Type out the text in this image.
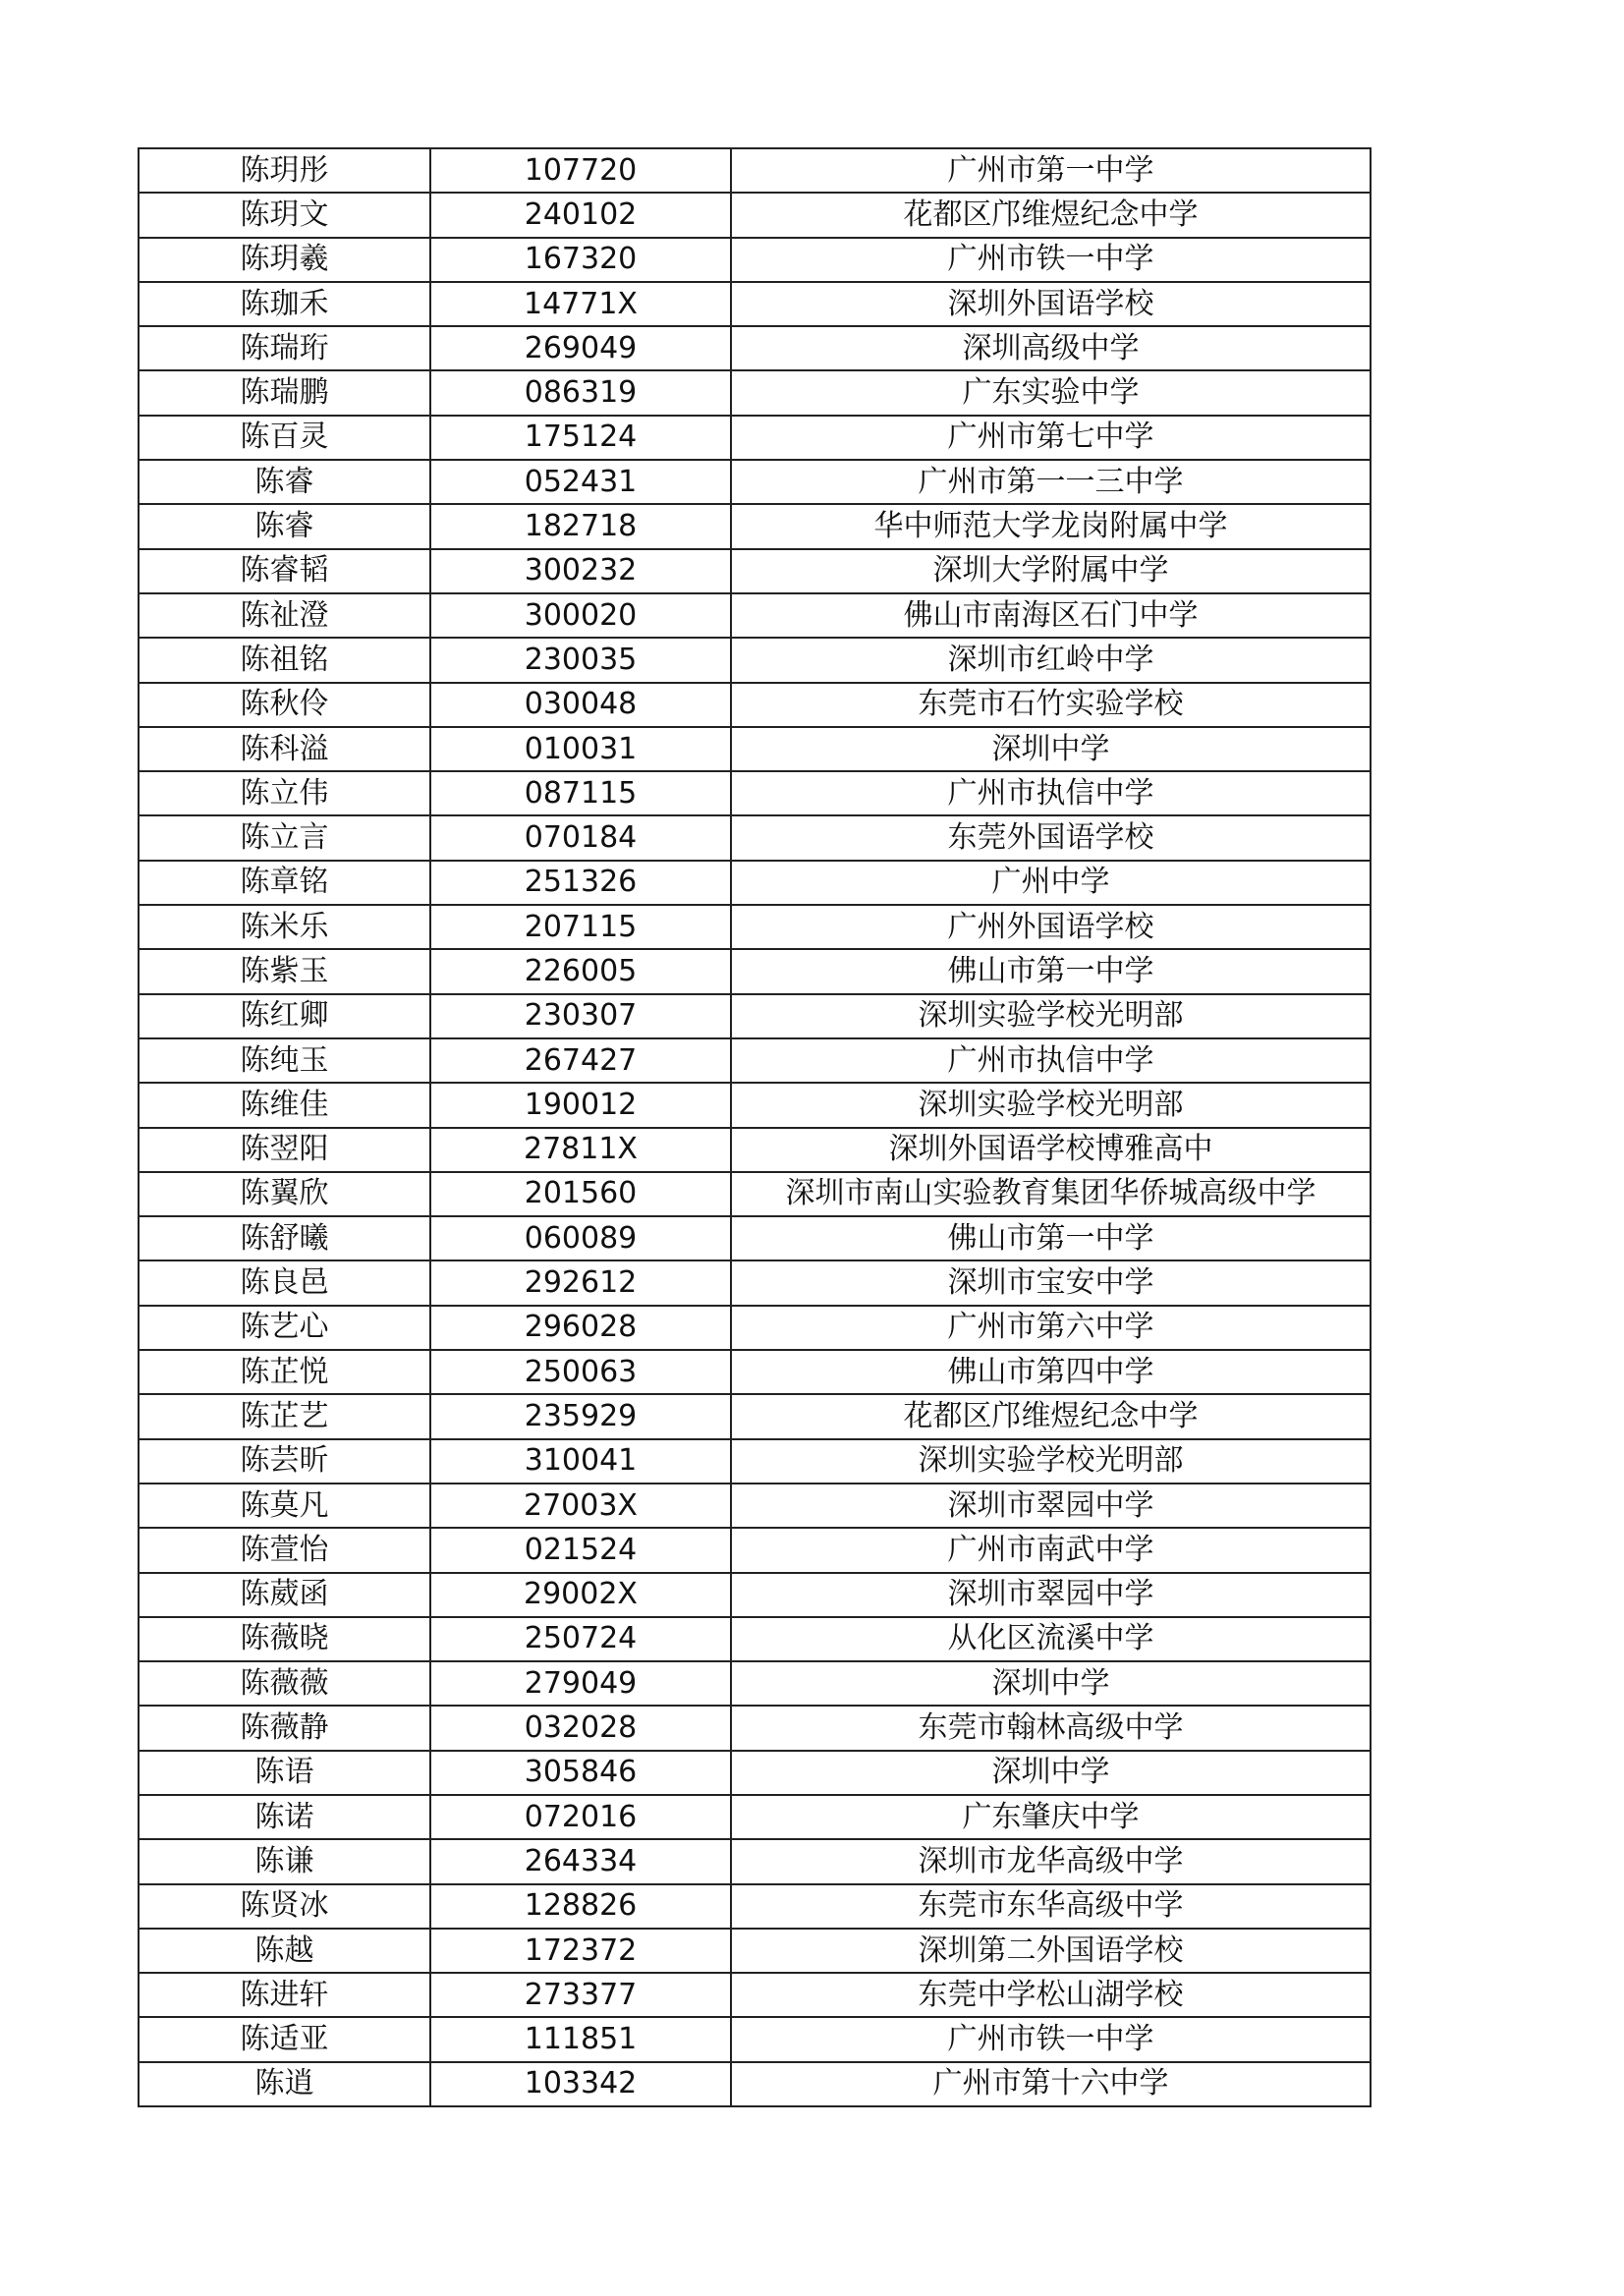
陈玥彤	107720	广州市第一中学
陈玥文	240102	花都区邝维煜纪念中学
陈玥羲	167320	广州市铁一中学
陈珈禾	14771X	深圳外国语学校
陈瑞珩	269049	深圳高级中学
陈瑞鹏	086319	广东实验中学
陈百灵	175124	广州市第七中学
陈睿	052431	广州市第一一三中学
陈睿	182718	华中师范大学龙岗附属中学
陈睿韬	300232	深圳大学附属中学
陈祉澄	300020	佛山市南海区石门中学
陈祖铭	230035	深圳市红岭中学
陈秋伶	030048	东莞市石竹实验学校
陈科溢	010031	深圳中学
陈立伟	087115	广州市执信中学
陈立言	070184	东莞外国语学校
陈章铭	251326	广州中学
陈米乐	207115	广州外国语学校
陈紫玉	226005	佛山市第一中学
陈红卿	230307	深圳实验学校光明部
陈纯玉	267427	广州市执信中学
陈维佳	190012	深圳实验学校光明部
陈翌阳	27811X	深圳外国语学校博雅高中
陈翼欣	201560	深圳市南山实验教育集团华侨城高级中学
陈舒曦	060089	佛山市第一中学
陈良邑	292612	深圳市宝安中学
陈艺心	296028	广州市第六中学
陈芷悦	250063	佛山市第四中学
陈芷艺	235929	花都区邝维煜纪念中学
陈芸昕	310041	深圳实验学校光明部
陈莫凡	27003X	深圳市翠园中学
陈萱怡	021524	广州市南武中学
陈葳函	29002X	深圳市翠园中学
陈薇晓	250724	从化区流溪中学
陈薇薇	279049	深圳中学
陈薇静	032028	东莞市翰林高级中学
陈语	305846	深圳中学
陈诺	072016	广东肇庆中学
陈谦	264334	深圳市龙华高级中学
陈贤冰	128826	东莞市东华高级中学
陈越	172372	深圳第二外国语学校
陈进轩	273377	东莞中学松山湖学校
陈适亚	111851	广州市铁一中学
陈逍	103342	广州市第十六中学
